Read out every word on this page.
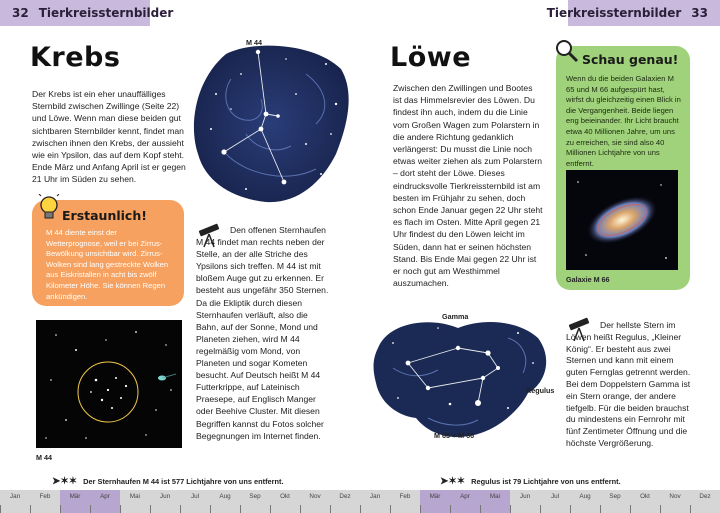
32 Tierkreissternbilder
Krebs

Der Krebs ist ein eher unauffälliges Sternbild zwischen Zwillinge (Seite 22) und Löwe. Wenn man diese beiden gut sichtbaren Sternbilder kennt, findet man zwischen ihnen den Krebs, der aussieht wie ein Ypsilon, das auf dem Kopf steht. Ende März und Anfang April ist er gegen 21 Uhr im Süden zu sehen.

M 44
Erstaunlich!

M 44 diente einst der Wetterprognose, weil er bei Zirrus-Bewölkung unsichtbar wird. Zirrus-Wolken sind lang gestreckte Wolken aus Eiskristallen in acht bis zwölf Kilometer Höhe. Sie können Regen ankündigen.

Den offenen Sternhaufen M 44 findet man rechts neben der Stelle, an der alle Striche des Ypsilons sich treffen. M 44 ist mit bloßem Auge gut zu erkennen. Er besteht aus ungefähr 350 Sternen. Da die Ekliptik durch diesen Sternhaufen verläuft, also die Bahn, auf der Sonne, Mond und Planeten ziehen, wird M 44 regelmäßig vom Mond, von Planeten und sogar Kometen besucht. Auf Deutsch heißt M 44 Futterkrippe, auf Lateinisch Praesepe, auf Englisch Manger oder Beehive Cluster. Mit diesen Begriffen kannst du Fotos solcher Begegnungen im Internet finden.

M 44
➤✶✶ Der Sternhaufen M 44 ist 577 Lichtjahre von uns entfernt.
Tierkreissternbilder 33
Löwe

Zwischen den Zwillingen und Bootes ist das Himmelsrevier des Löwen. Du findest ihn auch, indem du die Linie vom Großen Wagen zum Polarstern in die andere Richtung gedanklich verlängerst: Du musst die Linie noch etwas weiter ziehen als zum Polarstern – dort steht der Löwe. Dieses eindrucksvolle Tierkreissternbild ist am besten im Frühjahr zu sehen, doch schon Ende Januar gegen 22 Uhr steht es flach im Osten. Mitte April gegen 21 Uhr findest du den Löwen leicht im Süden, dann hat er seinen höchsten Stand. Bis Ende Mai gegen 22 Uhr ist er noch gut am Westhimmel auszumachen.

Schau genau!

Wenn du die beiden Galaxien M 65 und M 66 aufgespürt hast, wirfst du gleichzeitig einen Blick in die Vergangenheit. Beide liegen eng beieinander. Ihr Licht braucht etwa 40 Millionen Jahre, um uns zu erreichen, sie sind also 40 Millionen Lichtjahre von uns entfernt.

Galaxie M 66
Gamma
Regulus
M 65 + M 66

Der hellste Stern im Löwen heißt Regulus, „Kleiner König“. Er besteht aus zwei Sternen und kann mit einem guten Fernglas getrennt werden. Bei dem Doppelstern Gamma ist ein Stern orange, der andere tiefgelb. Für die beiden brauchst du mindestens ein Fernrohr mit fünf Zentimeter Öffnung und die höchste Vergrößerung.

➤✶✶ Regulus ist 79 Lichtjahre von uns entfernt.
Jan	Feb	Mär	Apr	Mai	Jun	Jul	Aug	Sep	Okt	Nov	Dez	Jan	Feb	Mär	Apr	Mai	Jun	Jul	Aug	Sep	Okt	Nov	Dez
